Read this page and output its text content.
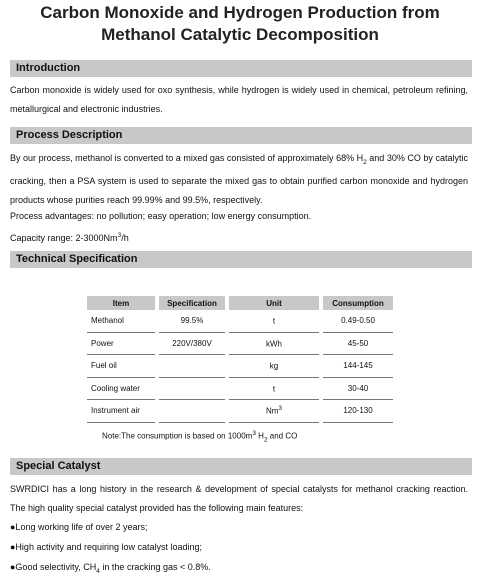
Carbon Monoxide and Hydrogen Production from
Methanol Catalytic Decomposition
Introduction
Carbon monoxide is widely used for oxo synthesis, while hydrogen is widely used in chemical, petroleum refining, metallurgical and electronic industries.
Process Description
By our process, methanol is converted to a mixed gas consisted of approximately 68% $H_2$ and 30% CO by catalytic cracking, then a PSA system is used to separate the mixed gas to obtain purified carbon monoxide and hydrogen products whose purities reach 99.99% and 99.5%, respectively.
Process advantages: no pollution; easy operation; low energy consumption.
Capacity range: 2-3000Nm$^3$/h
Technical Specification
Item	Specification	Unit	Consumption
Methanol	99.5%	t	0.49-0.50
Power	220V/380V	kWh	45-50
Fuel oil		kg	144-145
Cooling water		t	30-40
Instrument air		Nm$^3$	120-130
Note:The consumption is based on $1000m^3$ $H_2$ and CO
Special Catalyst
SWRDICI has a long history in the research & development of special catalysts for methanol cracking reaction. The high quality special catalyst provided has the following main features:
●Long working life of over 2 years;
●High activity and requiring low catalyst loading;
●Good selectivity, $CH_4$ in the cracking gas < 0.8%.
